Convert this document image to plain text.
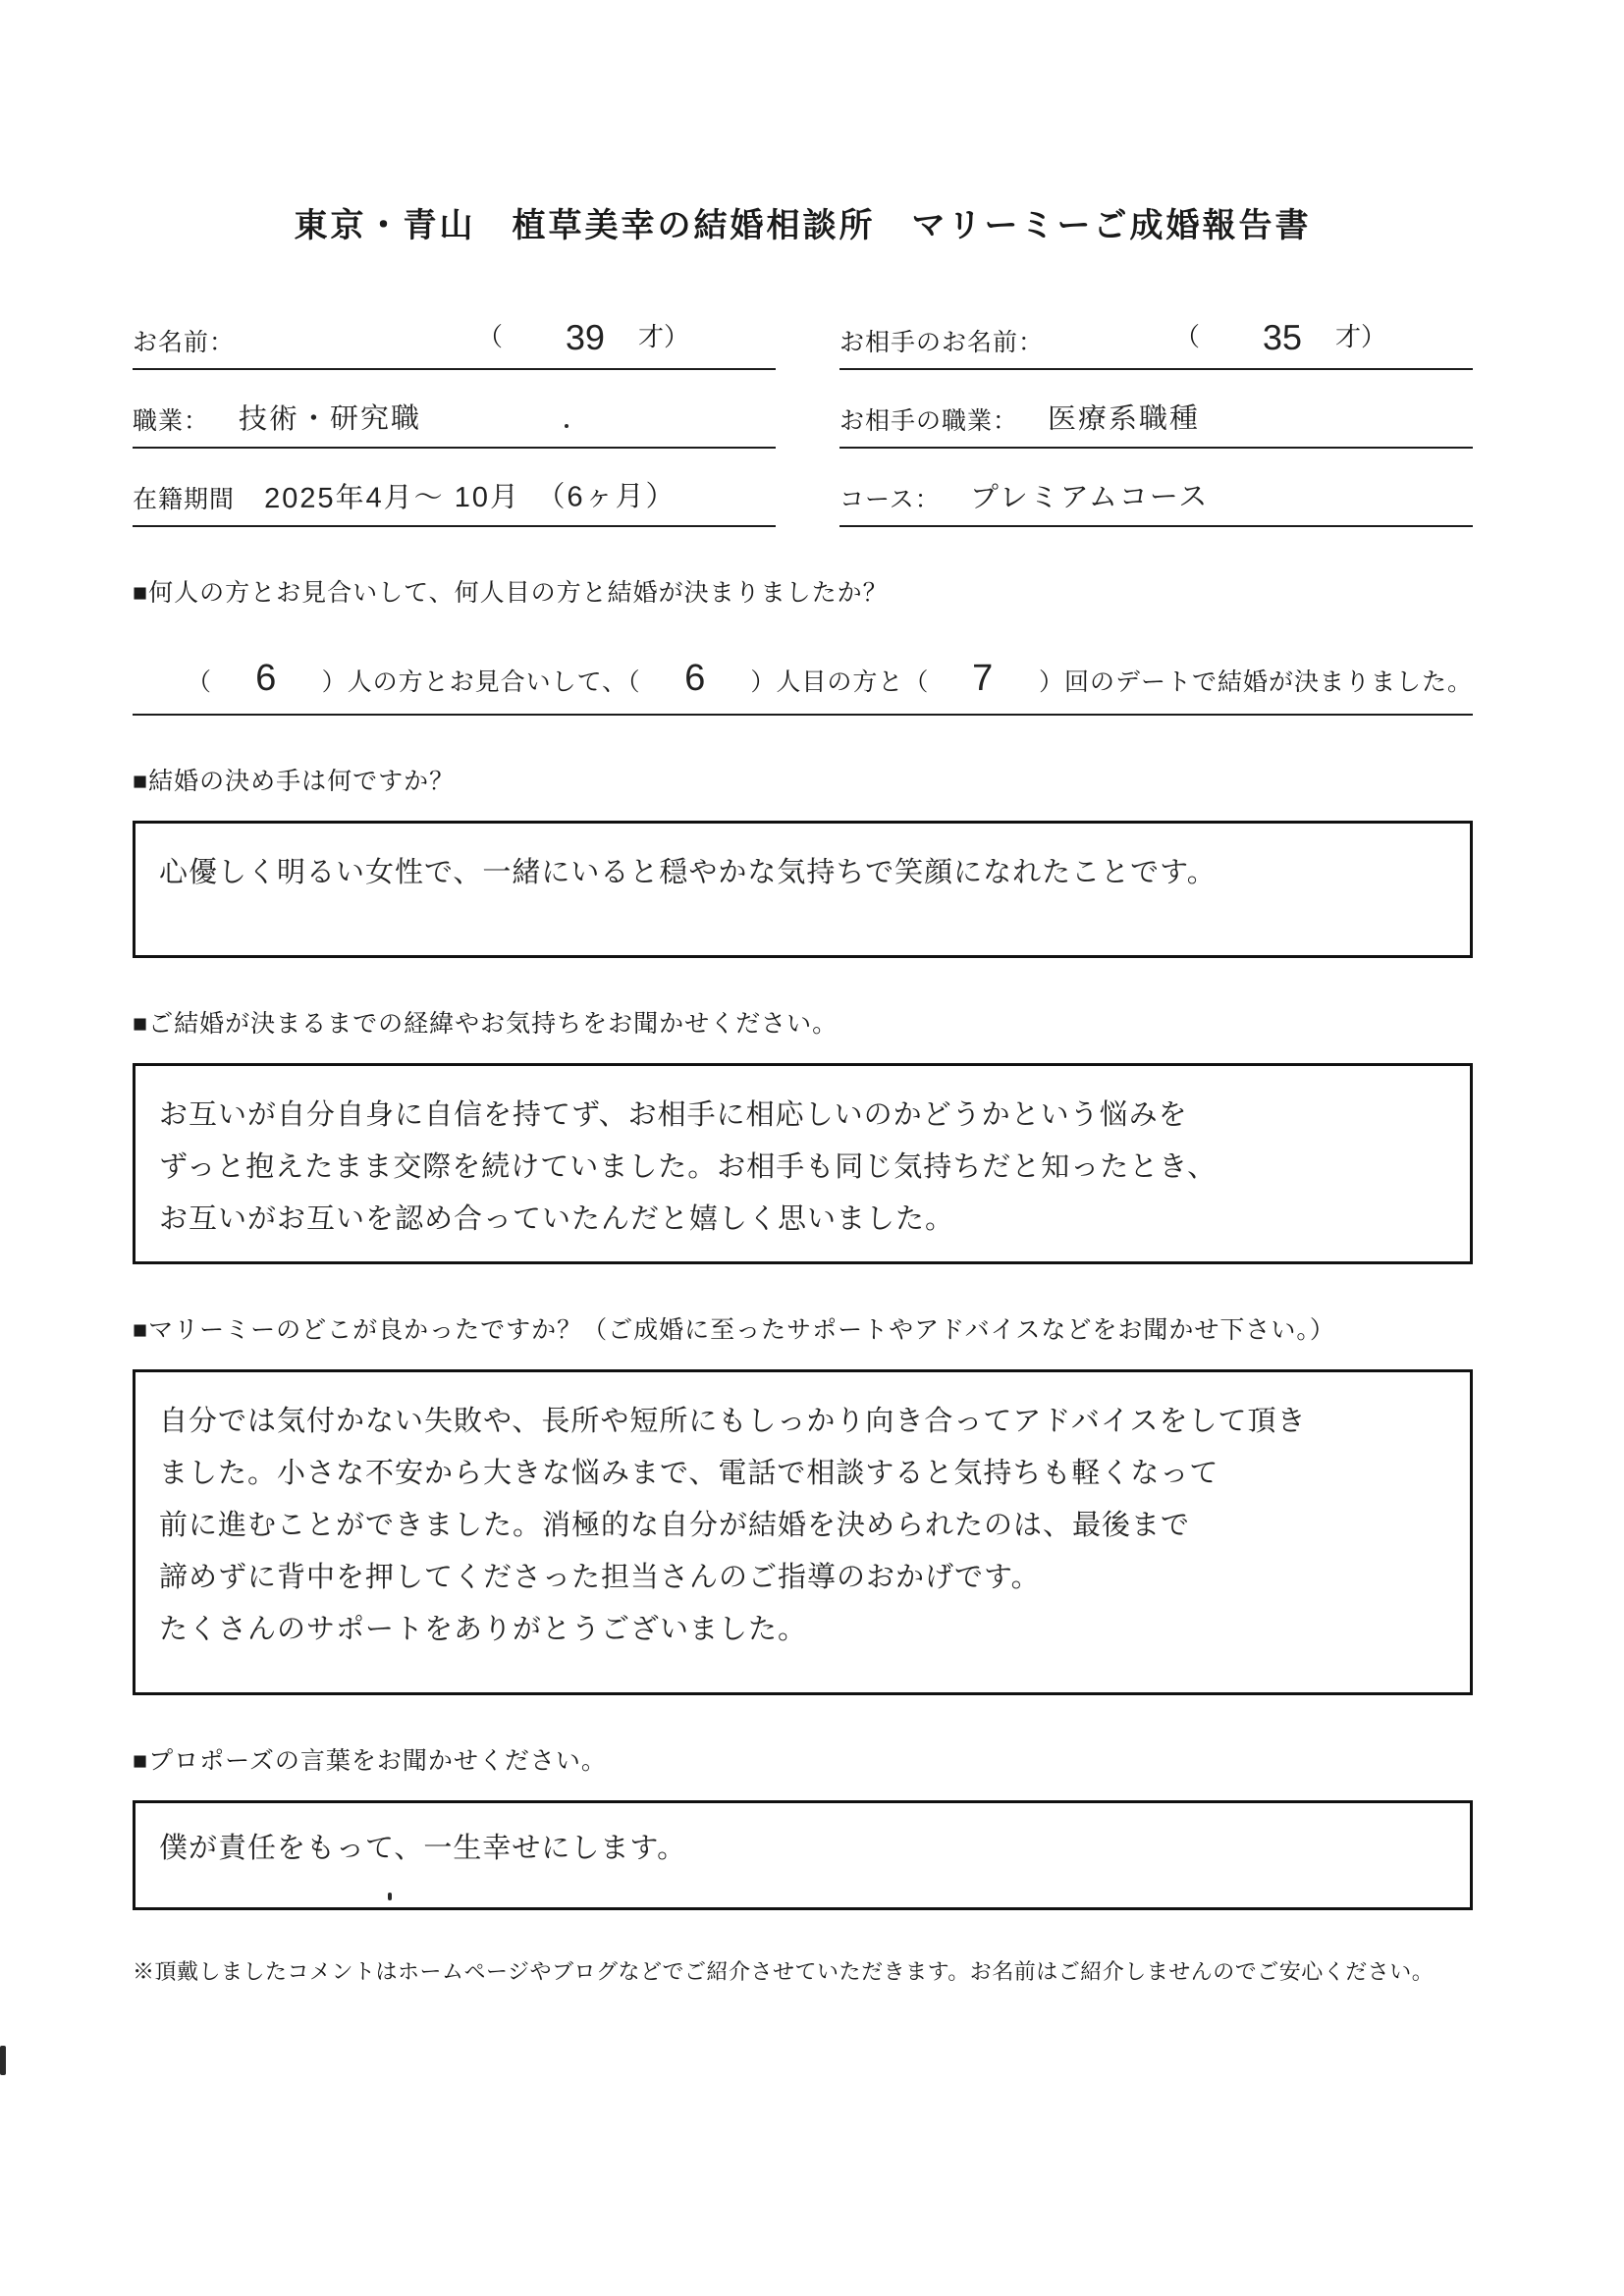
東京・青山　植草美幸の結婚相談所　マリーミーご成婚報告書
お名前：	（	39	才）	お相手のお名前：	（	35	才）
職業： 技術・研究職	お相手の職業： 医療系職種
在籍期間 2025年4月〜 10月　（6ヶ月）	コース： プレミアムコース
■何人の方とお見合いして、何人目の方と結婚が決まりましたか？
（	6	）人の方とお見合いして、（	6	）人目の方と（	7	）回のデートで結婚が決まりました。
■結婚の決め手は何ですか？
心優しく明るい女性で、一緒にいると穏やかな気持ちで笑顔になれたことです。
■ご結婚が決まるまでの経緯やお気持ちをお聞かせください。
お互いが自分自身に自信を持てず、お相手に相応しいのかどうかという悩みを
ずっと抱えたまま交際を続けていました。お相手も同じ気持ちだと知ったとき、
お互いがお互いを認め合っていたんだと嬉しく思いました。
■マリーミーのどこが良かったですか？（ご成婚に至ったサポートやアドバイスなどをお聞かせ下さい。）
自分では気付かない失敗や、長所や短所にもしっかり向き合ってアドバイスをして頂き
ました。小さな不安から大きな悩みまで、電話で相談すると気持ちも軽くなって
前に進むことができました。消極的な自分が結婚を決められたのは、最後まで
諦めずに背中を押してくださった担当さんのご指導のおかげです。
たくさんのサポートをありがとうございました。
■プロポーズの言葉をお聞かせください。
僕が責任をもって、一生幸せにします。
※頂戴しましたコメントはホームページやブログなどでご紹介させていただきます。お名前はご紹介しませんのでご安心ください。
